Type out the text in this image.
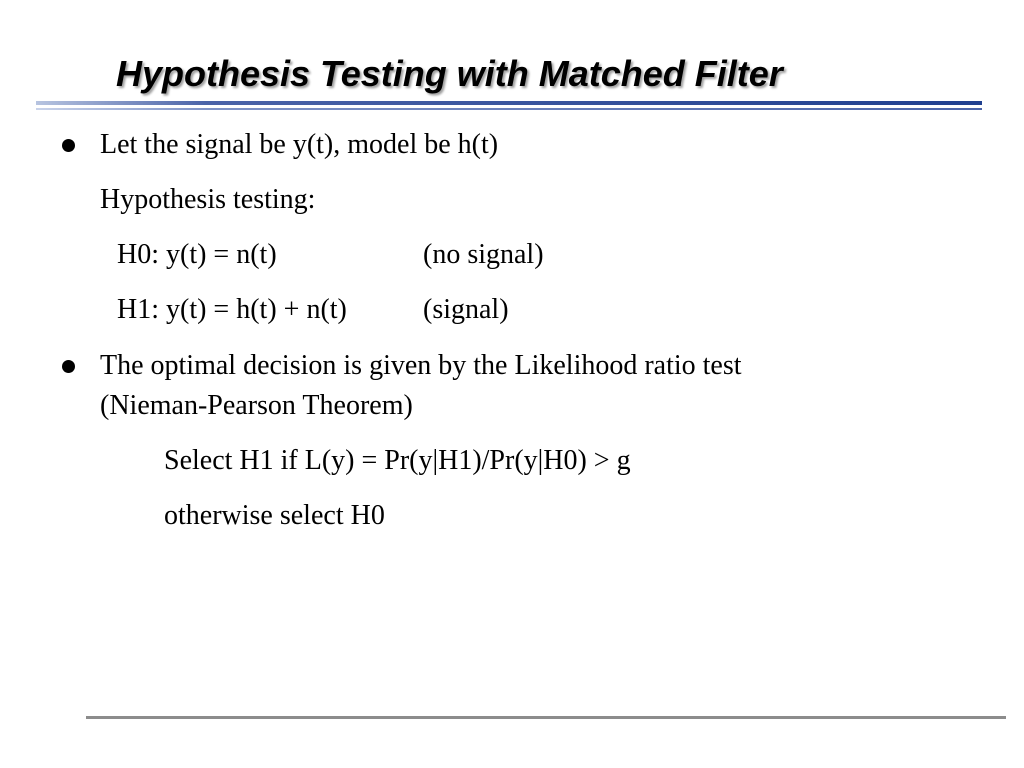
Hypothesis Testing with Matched Filter

Let the signal be y(t), model be h(t)

Hypothesis testing:

H0: y(t) = n(t)	(no signal)

H1: y(t) = h(t) + n(t)	(signal)

The optimal decision is given by the Likelihood ratio test

(Nieman-Pearson Theorem)

Select H1 if L(y) = Pr(y|H1)/Pr(y|H0) > g

otherwise select H0
